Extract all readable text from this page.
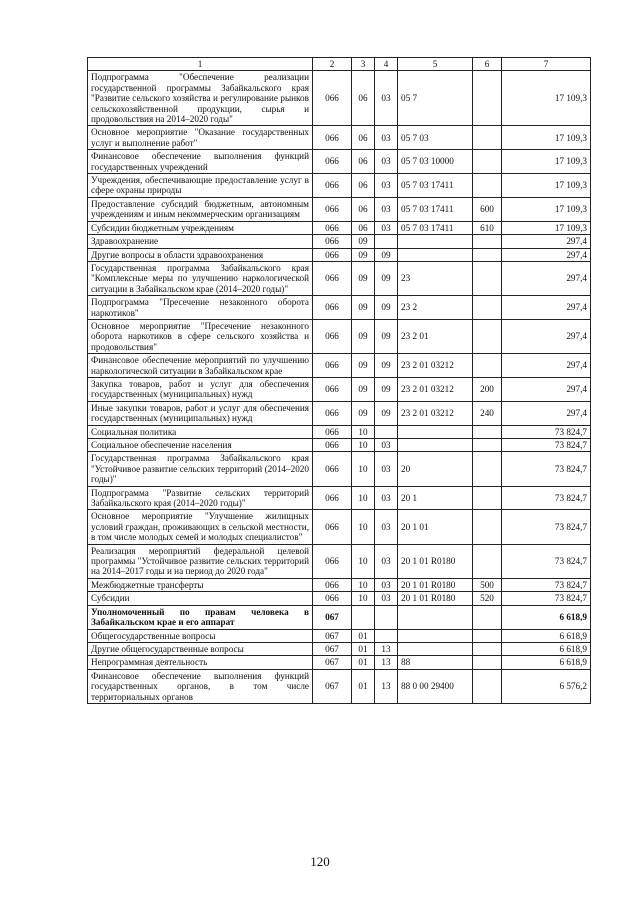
1	2	3	4	5	6	7
Подпрограмма "Обеспечение реализации государственной программы Забайкальского края "Развитие сельского хозяйства и регулирование рынков сельскохозяйственной продукции, сырья и продовольствия на 2014–2020 годы"	066	06	03	05 7		17 109,3
Основное мероприятие "Оказание государственных услуг и выполнение работ"	066	06	03	05 7 03		17 109,3
Финансовое обеспечение выполнения функций государственных учреждений	066	06	03	05 7 03 10000		17 109,3
Учреждения, обеспечивающие предоставление услуг в сфере охраны природы	066	06	03	05 7 03 17411		17 109,3
Предоставление субсидий бюджетным, автономным учреждениям и иным некоммерческим организациям	066	06	03	05 7 03 17411	600	17 109,3
Субсидии бюджетным учреждениям	066	06	03	05 7 03 17411	610	17 109,3
Здравоохранение	066	09				297,4
Другие вопросы в области здравоохранения	066	09	09			297,4
Государственная программа Забайкальского края "Комплексные меры по улучшению наркологической ситуации в Забайкальском крае (2014–2020 годы)"	066	09	09	23		297,4
Подпрограмма "Пресечение незаконного оборота наркотиков"	066	09	09	23 2		297,4
Основное мероприятие "Пресечение незаконного оборота наркотиков в сфере сельского хозяйства и продовольствия"	066	09	09	23 2 01		297,4
Финансовое обеспечение мероприятий по улучшению наркологической ситуации в Забайкальском крае	066	09	09	23 2 01 03212		297,4
Закупка товаров, работ и услуг для обеспечения государственных (муниципальных) нужд	066	09	09	23 2 01 03212	200	297,4
Иные закупки товаров, работ и услуг для обеспечения государственных (муниципальных) нужд	066	09	09	23 2 01 03212	240	297,4
Социальная политика	066	10				73 824,7
Социальное обеспечение населения	066	10	03			73 824,7
Государственная программа Забайкальского края "Устойчивое развитие сельских территорий (2014–2020 годы)"	066	10	03	20		73 824,7
Подпрограмма "Развитие сельских территорий Забайкальского края (2014–2020 годы)"	066	10	03	20 1		73 824,7
Основное мероприятие "Улучшение жилищных условий граждан, проживающих в сельской местности, в том числе молодых семей и молодых специалистов"	066	10	03	20 1 01		73 824,7
Реализация мероприятий федеральной целевой программы "Устойчивое развитие сельских территорий на 2014–2017 годы и на период до 2020 года"	066	10	03	20 1 01 R0180		73 824,7
Межбюджетные трансферты	066	10	03	20 1 01 R0180	500	73 824,7
Субсидии	066	10	03	20 1 01 R0180	520	73 824,7
Уполномоченный по правам человека в Забайкальском крае и его аппарат	067					6 618,9
Общегосударственные вопросы	067	01				6 618,9
Другие общегосударственные вопросы	067	01	13			6 618,9
Непрограммная деятельность	067	01	13	88		6 618,9
Финансовое обеспечение выполнения функций государственных органов, в том числе территориальных органов	067	01	13	88 0 00 29400		6 576,2
120
